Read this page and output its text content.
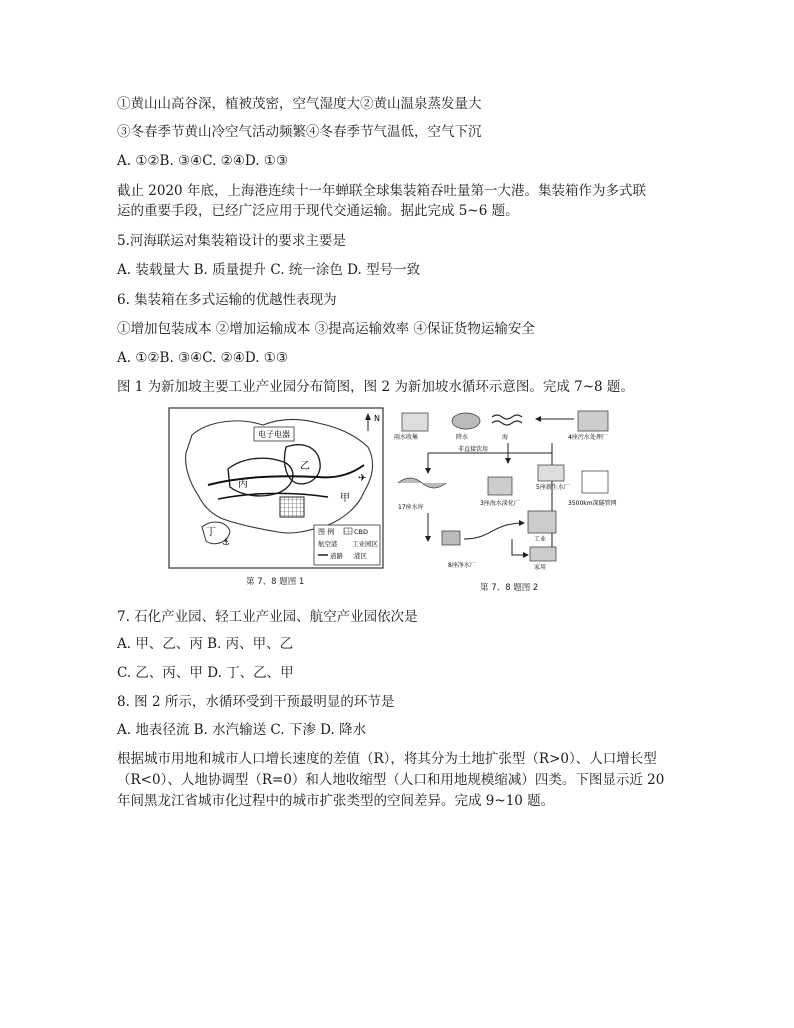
①黄山山高谷深，植被茂密，空气湿度大②黄山温泉蒸发量大
③冬春季节黄山冷空气活动频繁④冬春季节气温低，空气下沉
A. ①②B. ③④C. ②④D. ①③
截止 2020 年底，上海港连续十一年蝉联全球集装箱吞吐量第一大港。集装箱作为多式联
运的重要手段，已经广泛应用于现代交通运输。据此完成 5~6 题。
5.河海联运对集装箱设计的要求主要是
A. 装载量大 B. 质量提升 C. 统一涂色 D. 型号一致
6. 集装箱在多式运输的优越性表现为
①增加包装成本 ②增加运输成本 ③提高运输效率 ④保证货物运输安全
A. ①②B. ③④C. ②④D. ①③
图 1 为新加坡主要工业产业园分布简图，图 2 为新加坡水循环示意图。完成 7~8 题。
7. 石化产业园、轻工业产业园、航空产业园依次是
A. 甲、乙、丙 B. 丙、甲、乙
C. 乙、丙、甲 D. 丁、乙、甲
8. 图 2 所示，水循环受到干预最明显的环节是
A. 地表径流 B. 水汽输送 C. 下渗 D. 降水
根据城市用地和城市人口增长速度的差值（R），将其分为土地扩张型（R>0）、人口增长型
（R<0）、人地协调型（R=0）和人地收缩型（人口和用地规模缩减）四类。下图显示近 20
年间黑龙江省城市化过程中的城市扩张类型的空间差异。完成 9~10 题。
电子电器
N
丙
乙
甲
丁
✈
⚓
图 例	CBD
航空港 工业园区
道路 港区
第 7、8 题图 1
雨水收集	降水	海	4座污水处理厂
非直接饮用
5座新生水厂
17座水库
3座海水淡化厂	3500km深隧管网
8座净水厂
工业
家用
第 7、8 题图 2
